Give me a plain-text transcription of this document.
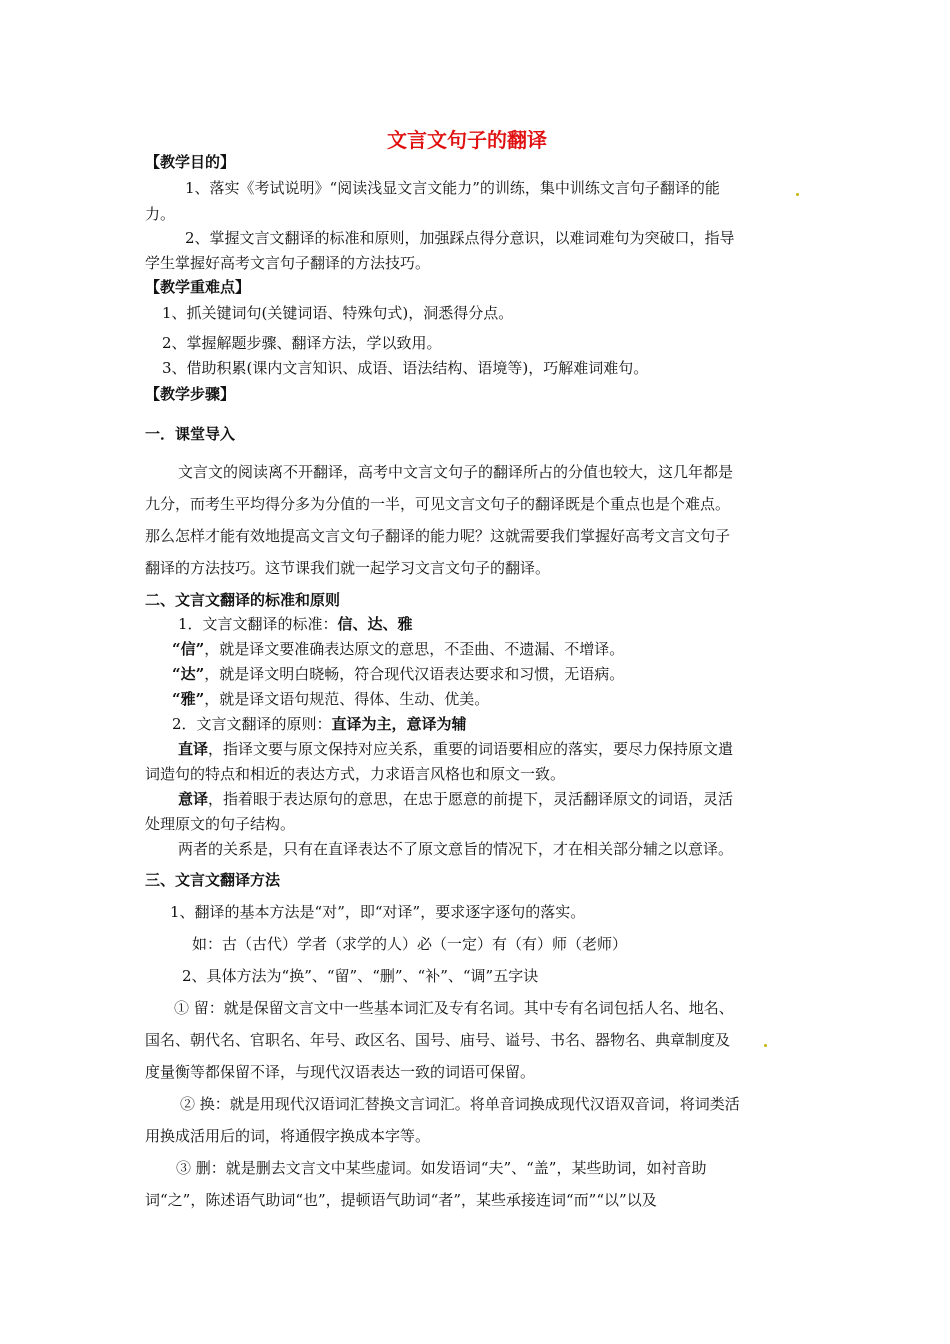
文言文句子的翻译
【教学目的】
1、落实《考试说明》“阅读浅显文言文能力”的训练，集中训练文言句子翻译的能
力。
2、掌握文言文翻译的标准和原则，加强踩点得分意识，以难词难句为突破口，指导
学生掌握好高考文言句子翻译的方法技巧。
【教学重难点】
1、抓关键词句(关键词语、特殊句式)，洞悉得分点。
2、掌握解题步骤、翻译方法，学以致用。
3、借助积累(课内文言知识、成语、语法结构、语境等)，巧解难词难句。
【教学步骤】
一．课堂导入
文言文的阅读离不开翻译，高考中文言文句子的翻译所占的分值也较大，这几年都是
九分，而考生平均得分多为分值的一半，可见文言文句子的翻译既是个重点也是个难点。
那么怎样才能有效地提高文言文句子翻译的能力呢？这就需要我们掌握好高考文言文句子
翻译的方法技巧。这节课我们就一起学习文言文句子的翻译。
二、文言文翻译的标准和原则
1．文言文翻译的标准：信、达、雅
“信”，就是译文要准确表达原文的意思，不歪曲、不遗漏、不增译。
“达”，就是译文明白晓畅，符合现代汉语表达要求和习惯，无语病。
“雅”，就是译文语句规范、得体、生动、优美。
2．文言文翻译的原则：直译为主，意译为辅
直译，指译文要与原文保持对应关系，重要的词语要相应的落实，要尽力保持原文遣
词造句的特点和相近的表达方式，力求语言风格也和原文一致。
意译，指着眼于表达原句的意思，在忠于愿意的前提下，灵活翻译原文的词语，灵活
处理原文的句子结构。
两者的关系是，只有在直译表达不了原文意旨的情况下，才在相关部分辅之以意译。
三、文言文翻译方法
1、翻译的基本方法是“对”，即“对译”，要求逐字逐句的落实。
如：古（古代）学者（求学的人）必（一定）有（有）师（老师）
2、具体方法为“换”、“留”、“删”、“补”、“调”五字诀
① 留：就是保留文言文中一些基本词汇及专有名词。其中专有名词包括人名、地名、
国名、朝代名、官职名、年号、政区名、国号、庙号、谥号、书名、器物名、典章制度及
度量衡等都保留不译，与现代汉语表达一致的词语可保留。
② 换：就是用现代汉语词汇替换文言词汇。将单音词换成现代汉语双音词，将词类活
用换成活用后的词，将通假字换成本字等。
③ 删：就是删去文言文中某些虚词。如发语词“夫”、“盖”，某些助词，如衬音助
词“之”，陈述语气助词“也”，提顿语气助词“者”，某些承接连词“而”“以”以及
